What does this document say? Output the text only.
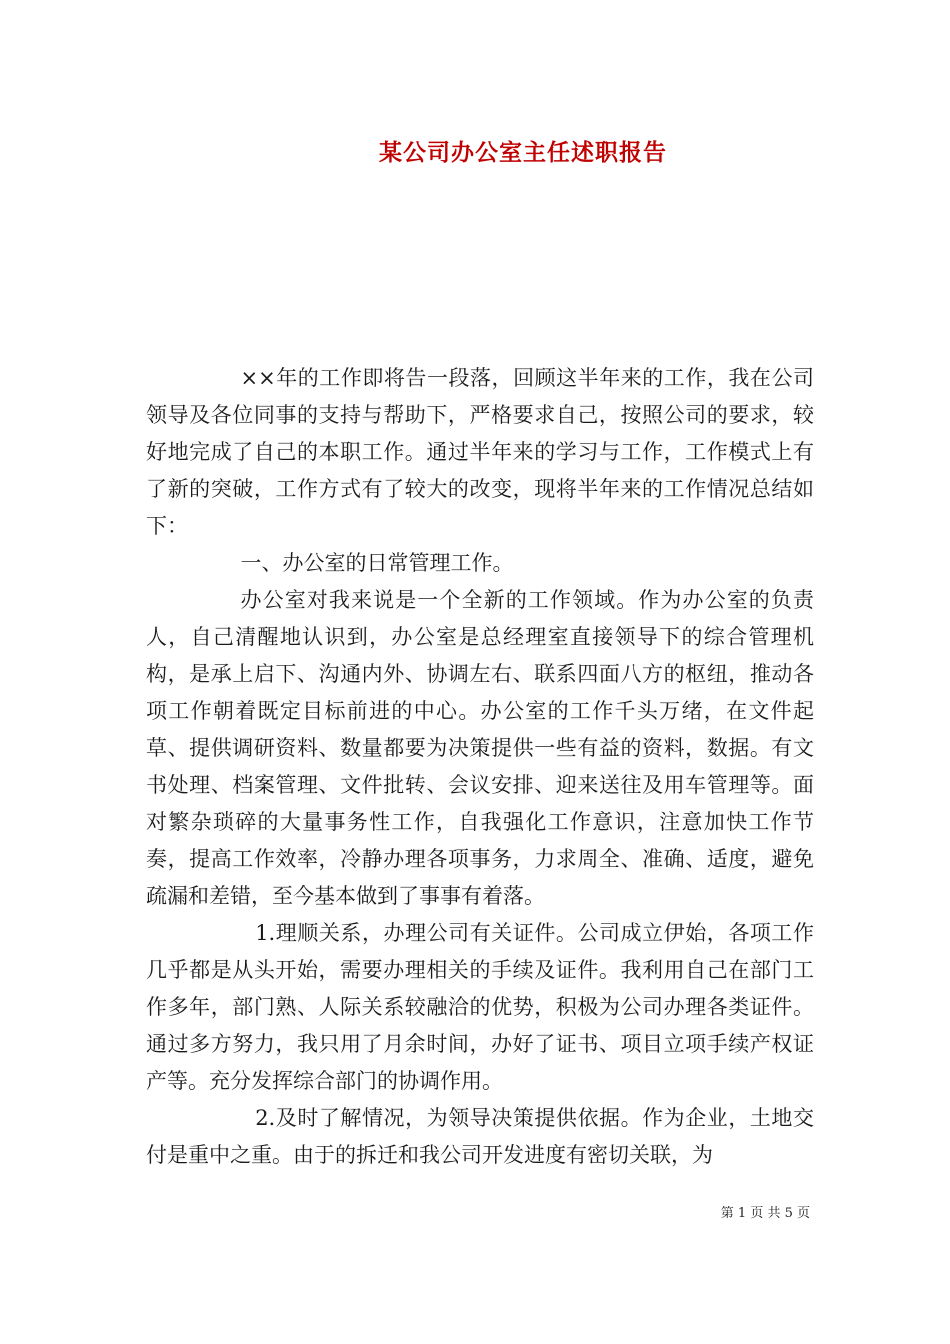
某公司办公室主任述职报告

××年的工作即将告一段落，回顾这半年来的工作，我在公司领导及各位同事的支持与帮助下，严格要求自己，按照公司的要求，较好地完成了自己的本职工作。通过半年来的学习与工作，工作模式上有了新的突破，工作方式有了较大的改变，现将半年来的工作情况总结如下：

一、办公室的日常管理工作。

办公室对我来说是一个全新的工作领域。作为办公室的负责人，自己清醒地认识到，办公室是总经理室直接领导下的综合管理机构，是承上启下、沟通内外、协调左右、联系四面八方的枢纽，推动各项工作朝着既定目标前进的中心。办公室的工作千头万绪，在文件起草、提供调研资料、数量都要为决策提供一些有益的资料，数据。有文书处理、档案管理、文件批转、会议安排、迎来送往及用车管理等。面对繁杂琐碎的大量事务性工作，自我强化工作意识，注意加快工作节奏，提高工作效率，冷静办理各项事务，力求周全、准确、适度，避免疏漏和差错，至今基本做到了事事有着落。

1.理顺关系，办理公司有关证件。公司成立伊始，各项工作几乎都是从头开始，需要办理相关的手续及证件。我利用自己在部门工作多年，部门熟、人际关系较融洽的优势，积极为公司办理各类证件。通过多方努力，我只用了月余时间，办好了证书、项目立项手续产权证产等。充分发挥综合部门的协调作用。

2.及时了解情况，为领导决策提供依据。作为企业，土地交付是重中之重。由于的拆迁和我公司开发进度有密切关联，为

第 1 页 共 5 页
